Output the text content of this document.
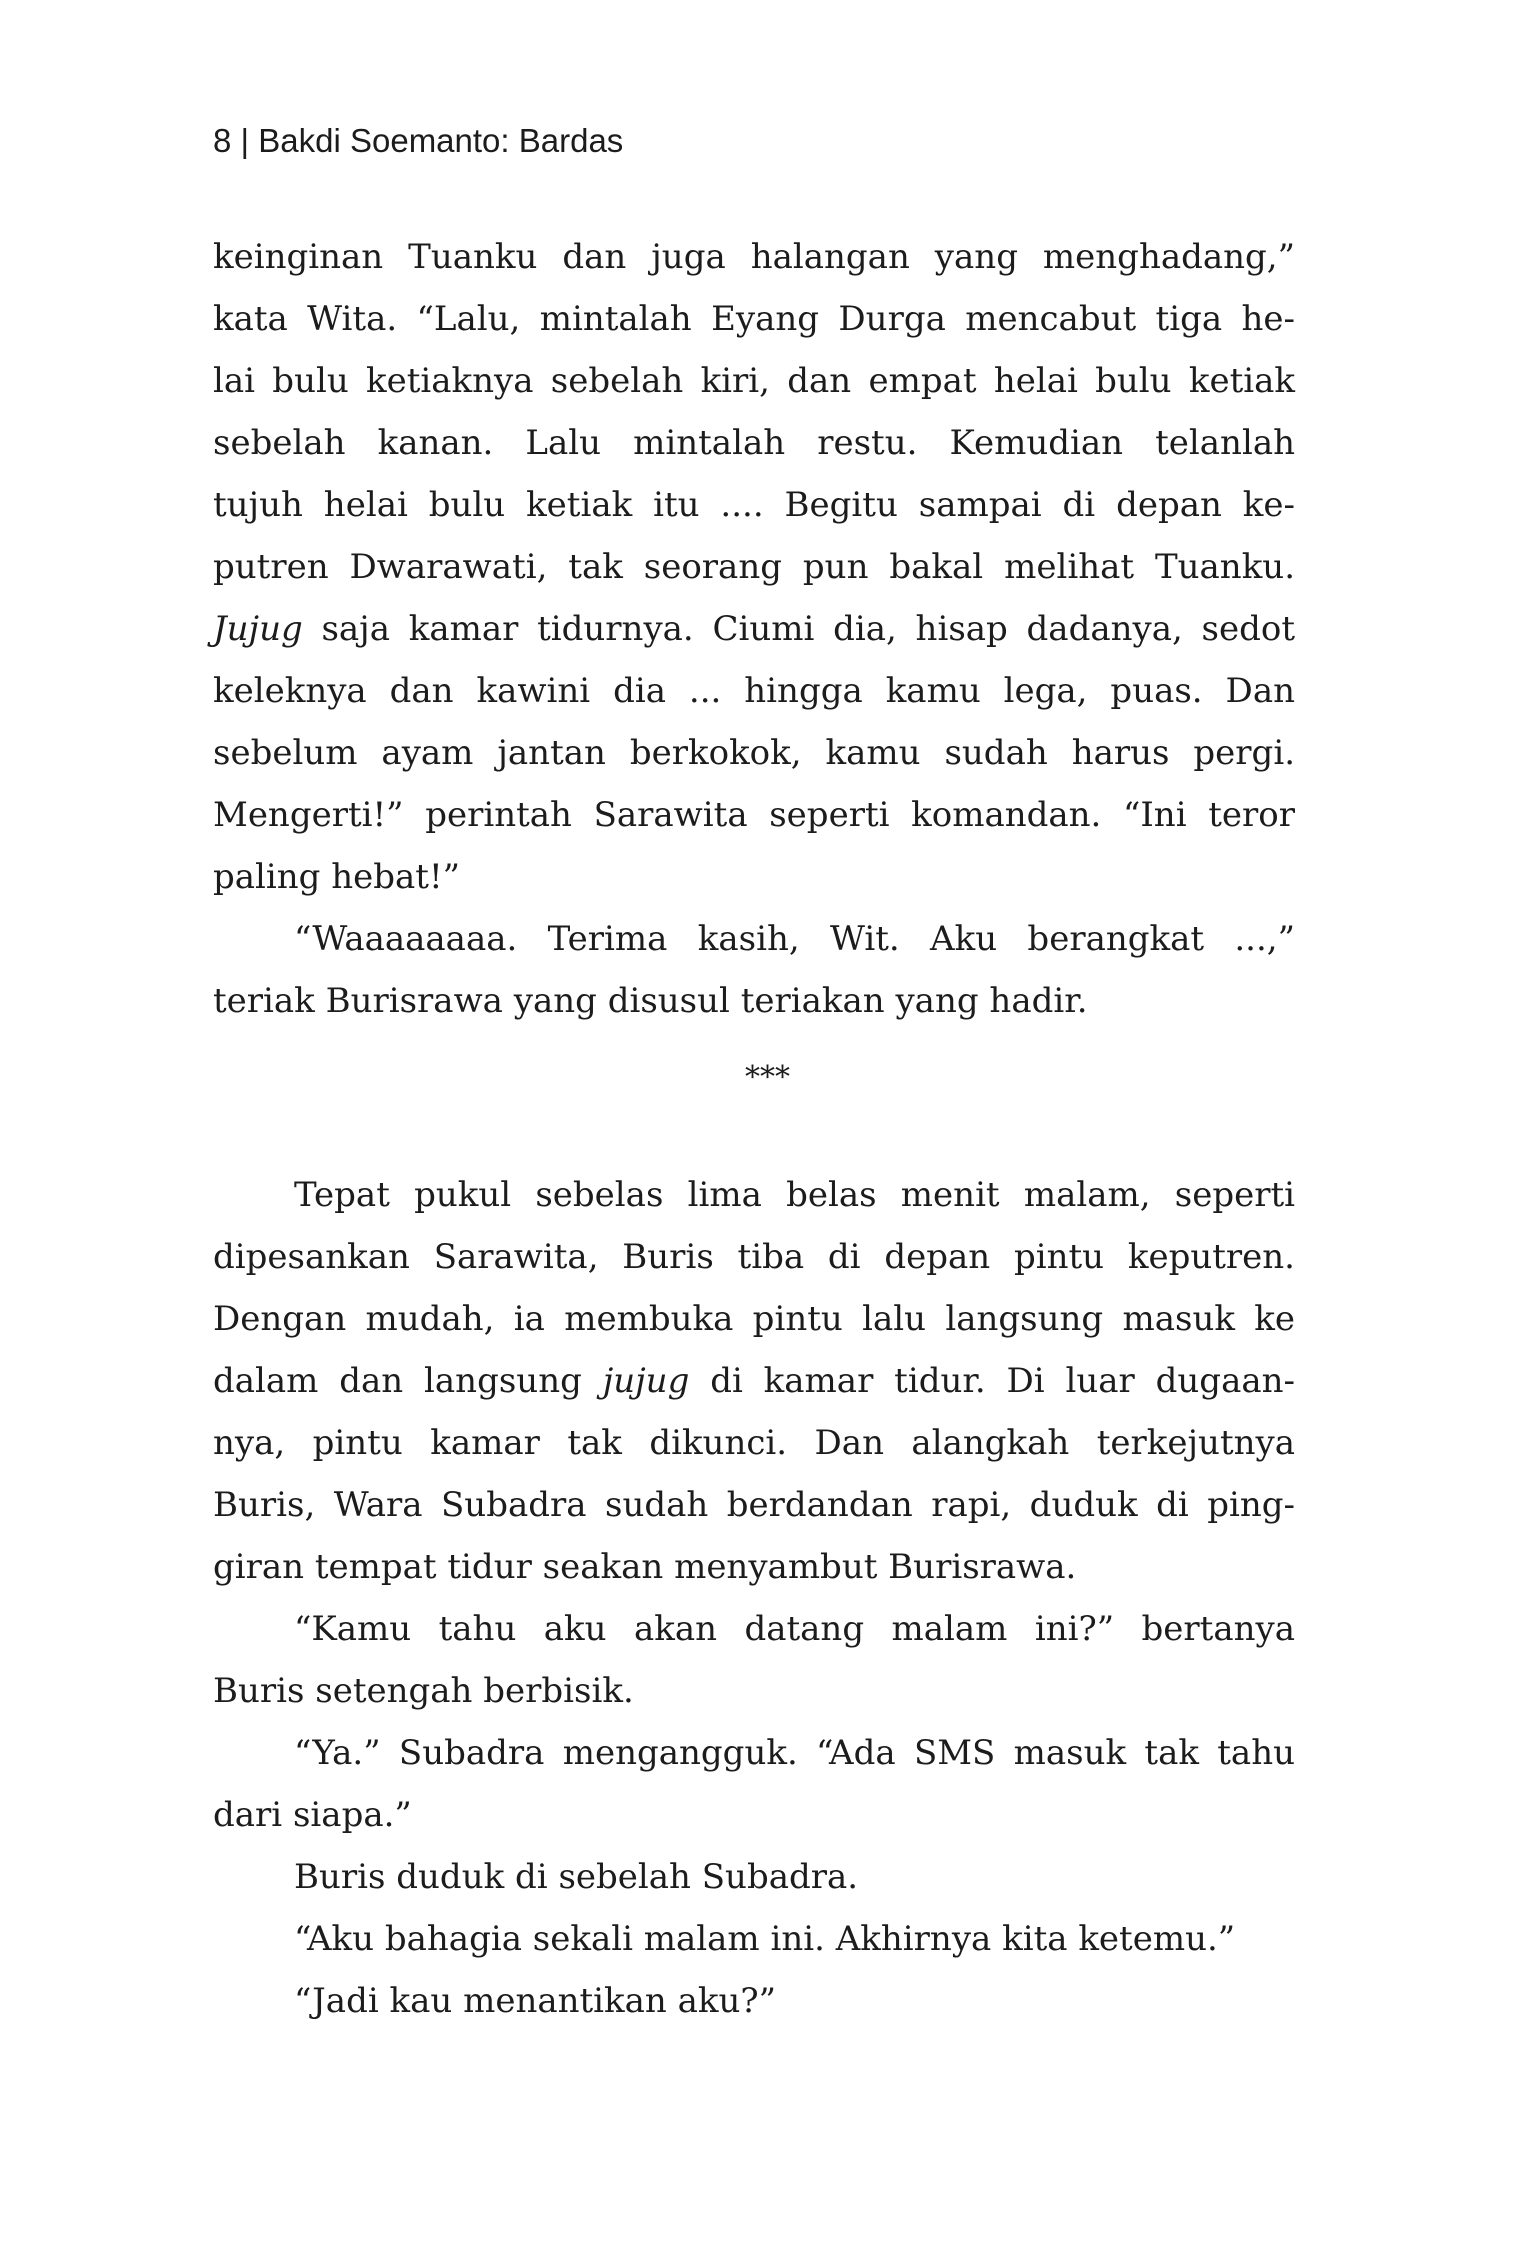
8 | Bakdi Soemanto: Bardas
keinginan Tuanku dan juga halangan yang menghadang,”
kata Wita. “Lalu, mintalah Eyang Durga mencabut tiga he-
lai bulu ketiaknya sebelah kiri, dan empat helai bulu ketiak
sebelah kanan. Lalu mintalah restu. Kemudian telanlah
tujuh helai bulu ketiak itu .... Begitu sampai di depan ke-
putren Dwarawati, tak seorang pun bakal melihat Tuanku.
Jujug saja kamar tidurnya. Ciumi dia, hisap dadanya, sedot
keleknya dan kawini dia ... hingga kamu lega, puas. Dan
sebelum ayam jantan berkokok, kamu sudah harus pergi.
Mengerti!” perintah Sarawita seperti komandan. “Ini teror
paling hebat!”
“Waaaaaaaa. Terima kasih, Wit. Aku berangkat ...,”
teriak Burisrawa yang disusul teriakan yang hadir.
***
Tepat pukul sebelas lima belas menit malam, seperti
dipesankan Sarawita, Buris tiba di depan pintu keputren.
Dengan mudah, ia membuka pintu lalu langsung masuk ke
dalam dan langsung jujug di kamar tidur. Di luar dugaan-
nya, pintu kamar tak dikunci. Dan alangkah terkejutnya
Buris, Wara Subadra sudah berdandan rapi, duduk di ping-
giran tempat tidur seakan menyambut Burisrawa.
“Kamu tahu aku akan datang malam ini?” bertanya
Buris setengah berbisik.
“Ya.” Subadra mengangguk. “Ada SMS masuk tak tahu
dari siapa.”
Buris duduk di sebelah Subadra.
“Aku bahagia sekali malam ini. Akhirnya kita ketemu.”
“Jadi kau menantikan aku?”
